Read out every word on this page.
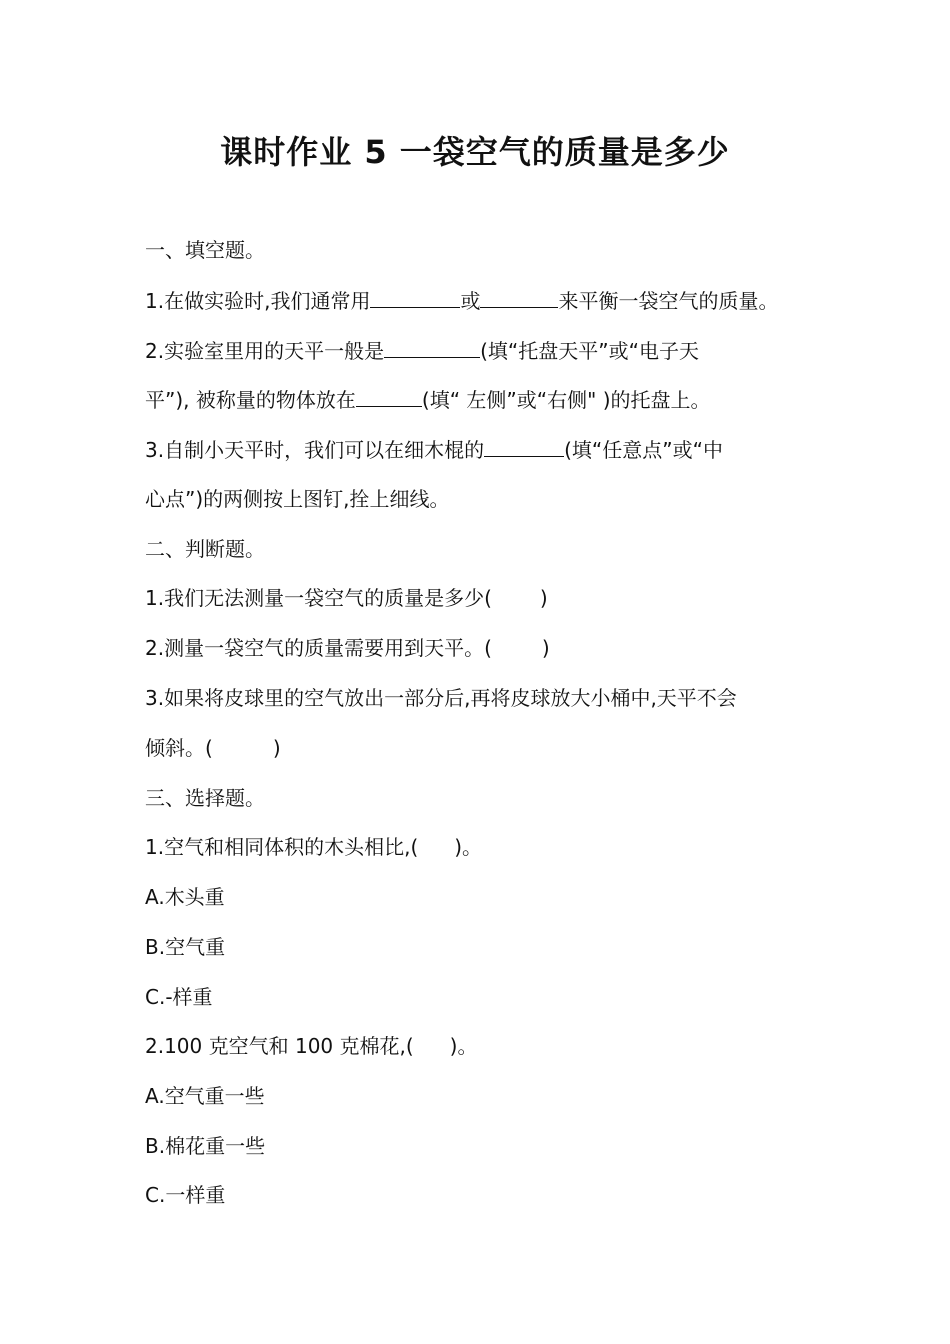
课时作业 5 一袋空气的质量是多少
一、填空题。
1.在做实验时,我们通常用	或	来平衡一袋空气的质量。
2.实验室里用的天平一般是	(填“托盘天平”或“电子天
平”), 被称量的物体放在	(填“ 左侧”或“右侧" )的托盘上。
3.自制小天平时，我们可以在细木棍的	(填“任意点”或“中
心点”)的两侧按上图钉,拴上细线。
二、判断题。
1.我们无法测量一袋空气的质量是多少( )
2.测量一袋空气的质量需要用到天平。(	)
3.如果将皮球里的空气放出一部分后,再将皮球放大小桶中,天平不会
倾斜。(	)
三、选择题。
1.空气和相同体积的木头相比,( )。
A.木头重
B.空气重
C.-样重
2.100 克空气和 100 克棉花,( )。
A.空气重一些
B.棉花重一些
C.一样重
